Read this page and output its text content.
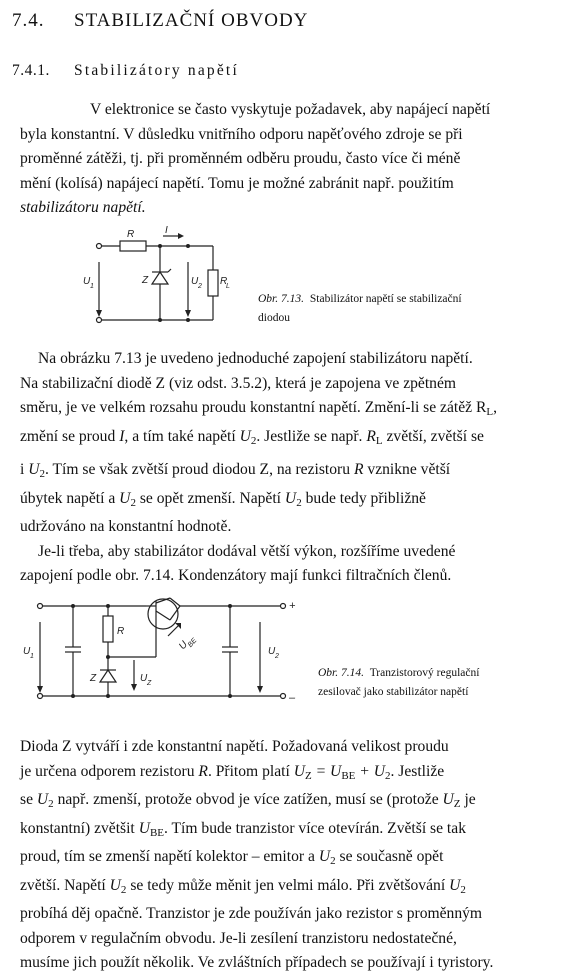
7.4. STABILIZAČNÍ OBVODY
7.4.1. Stabilizátory napětí
V elektronice se často vyskytuje požadavek, aby napájecí napětí
byla konstantní. V důsledku vnitřního odporu napěťového zdroje se při
proměnné zátěži, tj. při proměnném odběru proudu, často více či méně
mění (kolísá) napájecí napětí. Tomu je možné zabránit např. použitím
stabilizátoru napětí.
R	I
U 1
Z	U 2 R
L
Obr. 7.13. Stabilizátor napětí se stabilizační
diodou
Na obrázku 7.13 je uvedeno jednoduché zapojení stabilizátoru napětí.
Na stabilizační diodě Z (viz odst. 3.5.2), která je zapojena ve zpětném
směru, je ve velkém rozsahu proudu konstantní napětí. Změní-li se zátěž $R_L$,
změní se proud I, a tím také napětí $U_2$. Jestliže se např. $R_L$ zvětší, zvětší se
i $U_2$. Tím se však zvětší proud diodou Z, na rezistoru R vznikne větší
úbytek napětí a $U_2$ se opět zmenší. Napětí $U_2$ bude tedy přibližně
udržováno na konstantní hodnotě.
Je-li třeba, aby stabilizátor dodával větší výkon, rozšíříme uvedené
zapojení podle obr. 7.14. Kondenzátory mají funkci filtračních členů.
+
–
R
U 1	U 2
Z	U Z
U
BE
Obr. 7.14. Tranzistorový regulační
zesilovač jako stabilizátor napětí
Dioda Z vytváří i zde konstantní napětí. Požadovaná velikost proudu
je určena odporem rezistoru R. Přitom platí $U_Z = U_{BE} + U_2$. Jestliže
se $U_2$ např. zmenší, protože obvod je více zatížen, musí se (protože $U_Z$ je
konstantní) zvětšit $U_{BE}$. Tím bude tranzistor více otevírán. Zvětší se tak
proud, tím se zmenší napětí kolektor – emitor a $U_2$ se současně opět
zvětší. Napětí $U_2$ se tedy může měnit jen velmi málo. Při zvětšování $U_2$
probíhá děj opačně. Tranzistor je zde používán jako rezistor s proměnným
odporem v regulačním obvodu. Je-li zesílení tranzistoru nedostatečné,
musíme jich použít několik. Ve zvláštních případech se používají i tyristory.
